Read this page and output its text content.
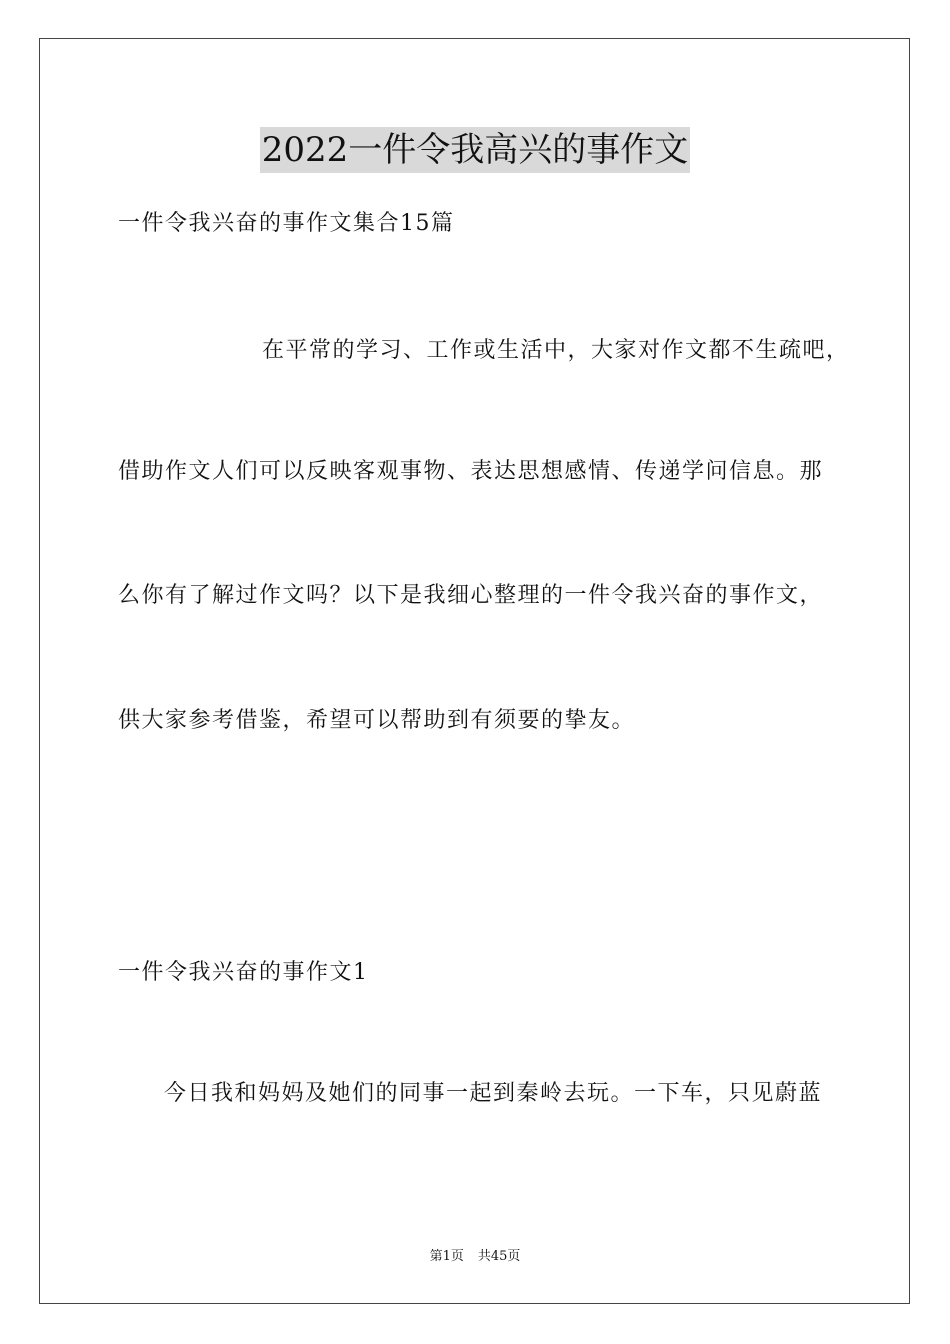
2022一件令我高兴的事作文
一件令我兴奋的事作文集合15篇
在平常的学习、工作或生活中，大家对作文都不生疏吧，
借助作文人们可以反映客观事物、表达思想感情、传递学问信息。那
么你有了解过作文吗？以下是我细心整理的一件令我兴奋的事作文，
供大家参考借鉴，希望可以帮助到有须要的挚友。
一件令我兴奋的事作文1
今日我和妈妈及她们的同事一起到秦岭去玩。一下车，只见蔚蓝
第1页 共45页
